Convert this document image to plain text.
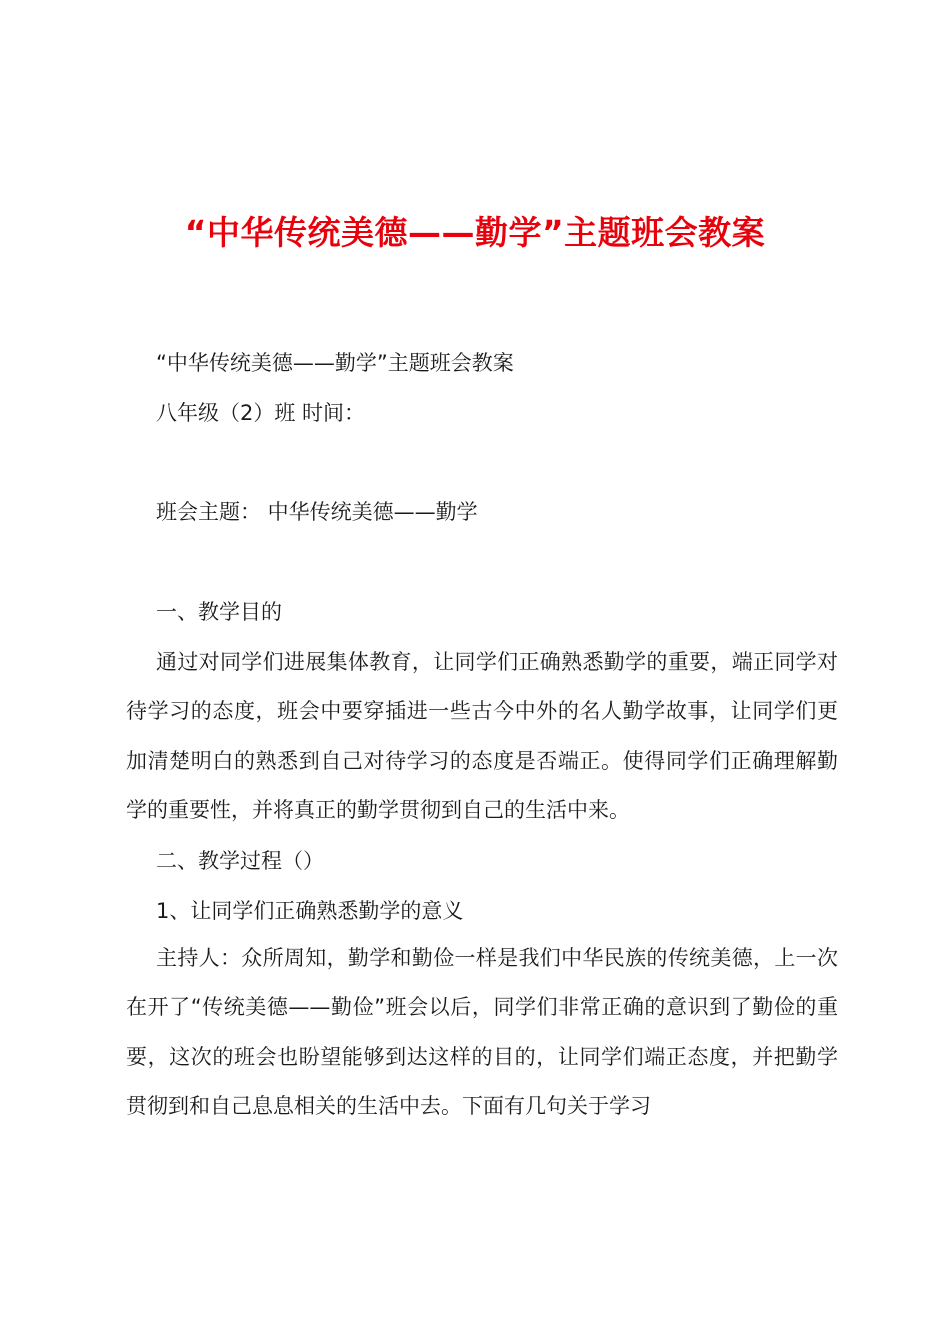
“中华传统美德——勤学”主题班会教案
“中华传统美德——勤学”主题班会教案
八年级（2）班 时间：
班会主题： 中华传统美德——勤学
一、教学目的
通过对同学们进展集体教育，让同学们正确熟悉勤学的重要，端正同学对待学习的态度，班会中要穿插进一些古今中外的名人勤学故事，让同学们更加清楚明白的熟悉到自己对待学习的态度是否端正。使得同学们正确理解勤学的重要性，并将真正的勤学贯彻到自己的生活中来。
二、教学过程（）
1、让同学们正确熟悉勤学的意义
主持人：众所周知，勤学和勤俭一样是我们中华民族的传统美德，上一次在开了“传统美德——勤俭”班会以后，同学们非常正确的意识到了勤俭的重要，这次的班会也盼望能够到达这样的目的，让同学们端正态度，并把勤学贯彻到和自己息息相关的生活中去。下面有几句关于学习
